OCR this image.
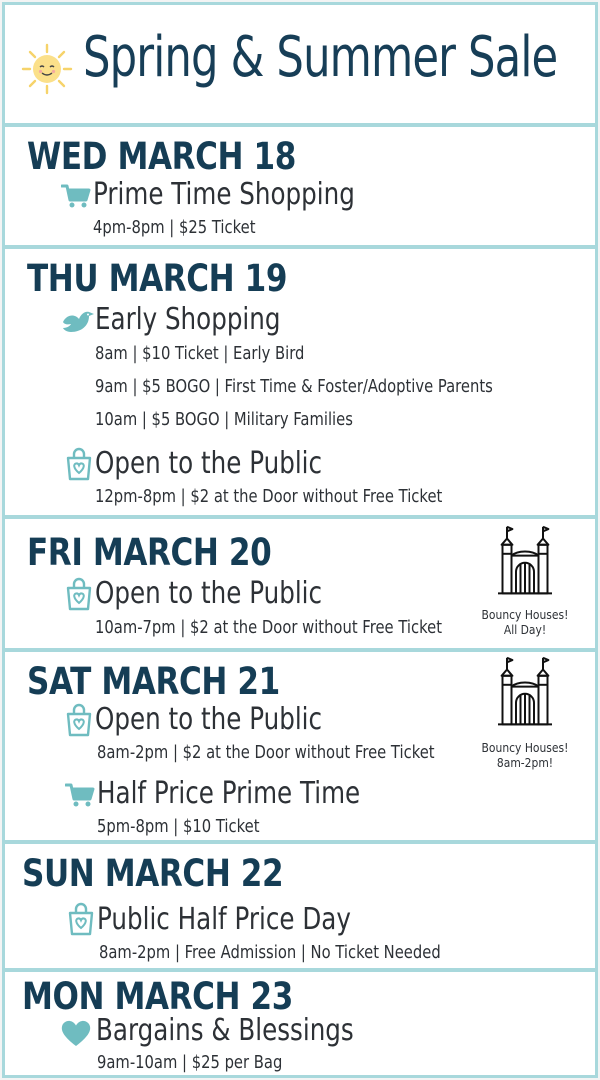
Spring & Summer Sale
WED MARCH 18
Prime Time Shopping
4pm-8pm | $25 Ticket
THU MARCH 19
Early Shopping
8am | $10 Ticket | Early Bird
9am | $5 BOGO | First Time & Foster/Adoptive Parents
10am | $5 BOGO | Military Families
Open to the Public
12pm-8pm | $2 at the Door without Free Ticket
FRI MARCH 20
Open to the Public
10am-7pm | $2 at the Door without Free Ticket
Bouncy Houses!
All Day!
SAT MARCH 21
Open to the Public
8am-2pm | $2 at the Door without Free Ticket
Half Price Prime Time
5pm-8pm | $10 Ticket
Bouncy Houses!
8am-2pm!
SUN MARCH 22
Public Half Price Day
8am-2pm | Free Admission | No Ticket Needed
MON MARCH 23
Bargains & Blessings
9am-10am | $25 per Bag
